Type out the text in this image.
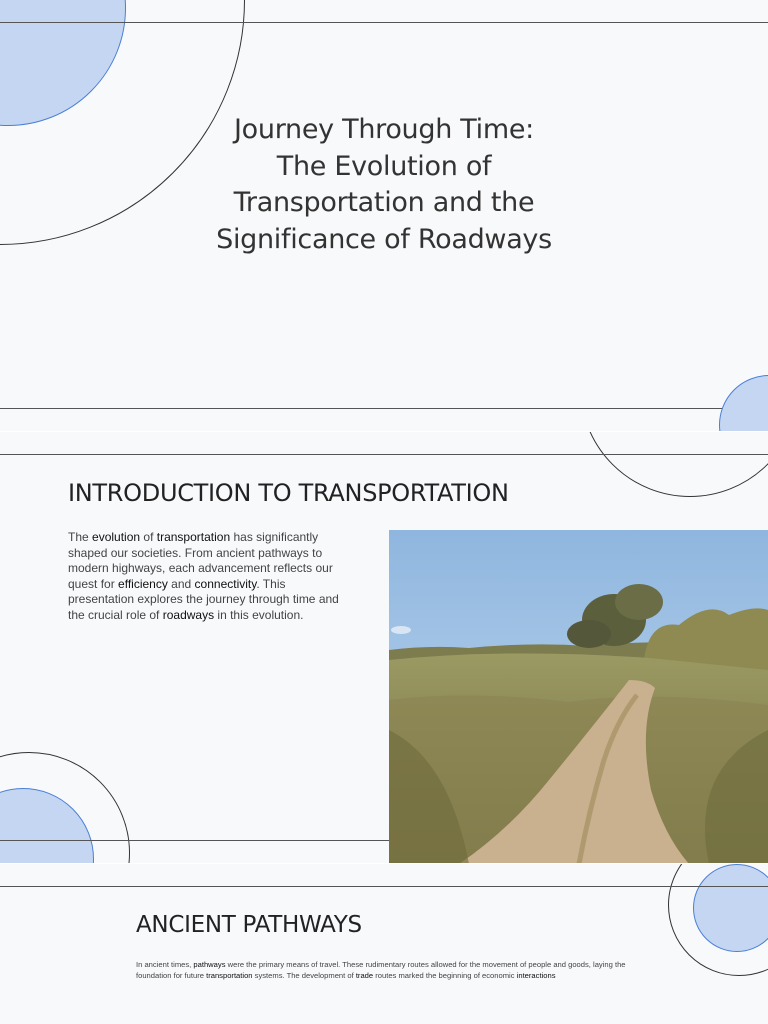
Journey Through Time:
The Evolution of
Transportation and the
Significance of Roadways
INTRODUCTION TO TRANSPORTATION

The evolution of transportation has significantly shaped our societies. From ancient pathways to modern highways, each advancement reflects our quest for efficiency and connectivity. This presentation explores the journey through time and the crucial role of roadways in this evolution.

ANCIENT PATHWAYS

In ancient times, pathways were the primary means of travel. These rudimentary routes allowed for the movement of people and goods, laying the foundation for future transportation systems. The development of trade routes marked the beginning of economic interactions
